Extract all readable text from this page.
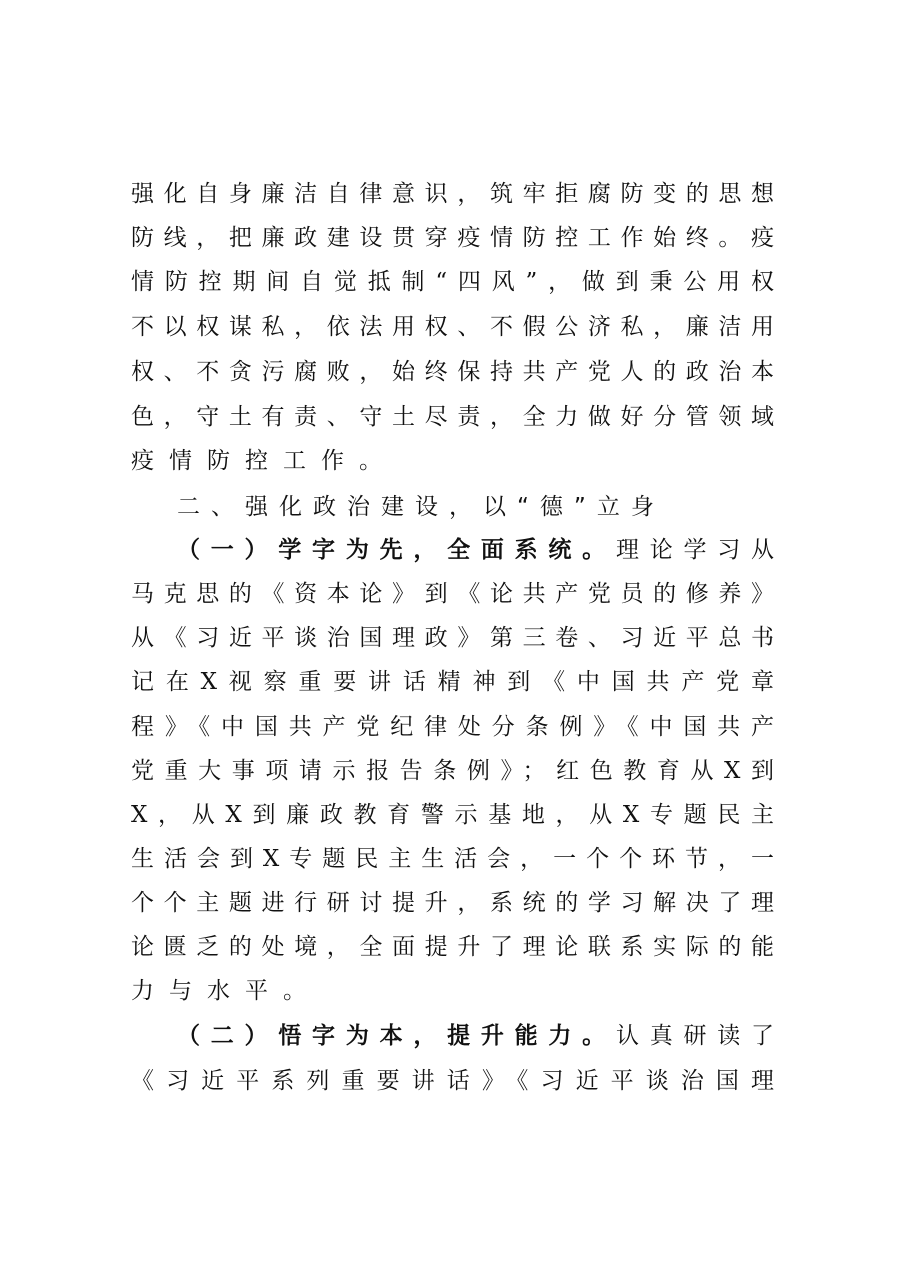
强化自身廉洁自律意识，筑牢拒腐防变的思想
防线，把廉政建设贯穿疫情防控工作始终。疫
情防控期间自觉抵制“四风”，做到秉公用权
不以权谋私，依法用权、不假公济私，廉洁用
权、不贪污腐败，始终保持共产党人的政治本
色，守土有责、守土尽责，全力做好分管领域
疫情防控工作。
二、强化政治建设，以“德”立身
（一）学字为先，全面系统。理论学习从
马克思的《资本论》到《论共产党员的修养》
从《习近平谈治国理政》第三卷、习近平总书
记在X视察重要讲话精神到《中国共产党章
程》《中国共产党纪律处分条例》《中国共产
党重大事项请示报告条例》；红色教育从X到
X，从X到廉政教育警示基地，从X专题民主
生活会到X专题民主生活会，一个个环节，一
个个主题进行研讨提升，系统的学习解决了理
论匮乏的处境，全面提升了理论联系实际的能
力与水平。
（二）悟字为本，提升能力。认真研读了
《习近平系列重要讲话》《习近平谈治国理
